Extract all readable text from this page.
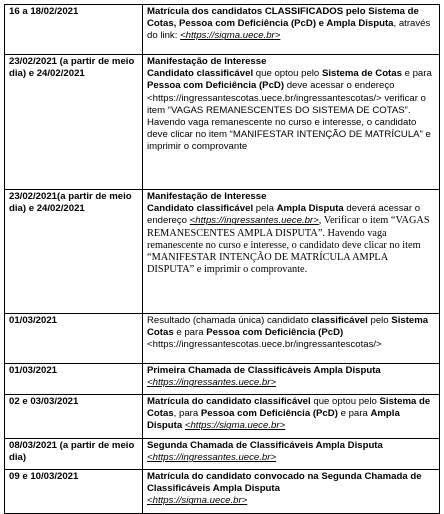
16 a 18/02/2021	Matrícula dos candidatos CLASSIFICADOS pelo Sistema de Cotas, Pessoa com Deficiência (PcD) e Ampla Disputa, através do link: <https://sigma.uece.br>
23/02/2021 (a partir de meio dia) e 24/02/2021	Manifestação de Interesse
Candidato classificável que optou pelo Sistema de Cotas e para Pessoa com Deficiência (PcD) deve acessar o endereço <https://ingressantescotas.uece.br/ingressantescotas/> verificar o item “VAGAS REMANESCENTES DO SISTEMA DE COTAS”. Havendo vaga remanescente no curso e interesse, o candidato deve clicar no item “MANIFESTAR INTENÇÃO DE MATRÍCULA” e imprimir o comprovante
23/02/2021(a partir de meio dia) e 24/02/2021	Manifestação de Interesse
Candidato classificável pela Ampla Disputa deverá acessar o endereço <https://ingressantes.uece.br>, Verificar o item “VAGAS REMANESCENTES AMPLA DISPUTA”. Havendo vaga remanescente no curso e interesse, o candidato deve clicar no item “MANIFESTAR INTENÇÃO DE MATRÍCULA AMPLA DISPUTA” e imprimir o comprovante.
01/03/2021	Resultado (chamada única) candidato classificável pelo Sistema Cotas e para Pessoa com Deficiência (PcD) <https://ingressantescotas.uece.br/ingressantescotas/>
01/03/2021	Primeira Chamada de Classificáveis Ampla Disputa
<https://ingressantes.uece.br>

02 e 03/03/2021	Matrícula do candidato classificável que optou pelo Sistema de Cotas, para Pessoa com Deficiência (PcD) e para Ampla Disputa <https://sigma.uece.br>
08/03/2021 (a partir de meio dia)	Segunda Chamada de Classificáveis Ampla Disputa
<https://ingressantes.uece.br>

09 e 10/03/2021	Matrícula do candidato convocado na Segunda Chamada de Classificáveis Ampla Disputa
<https://sigma.uece.br>
